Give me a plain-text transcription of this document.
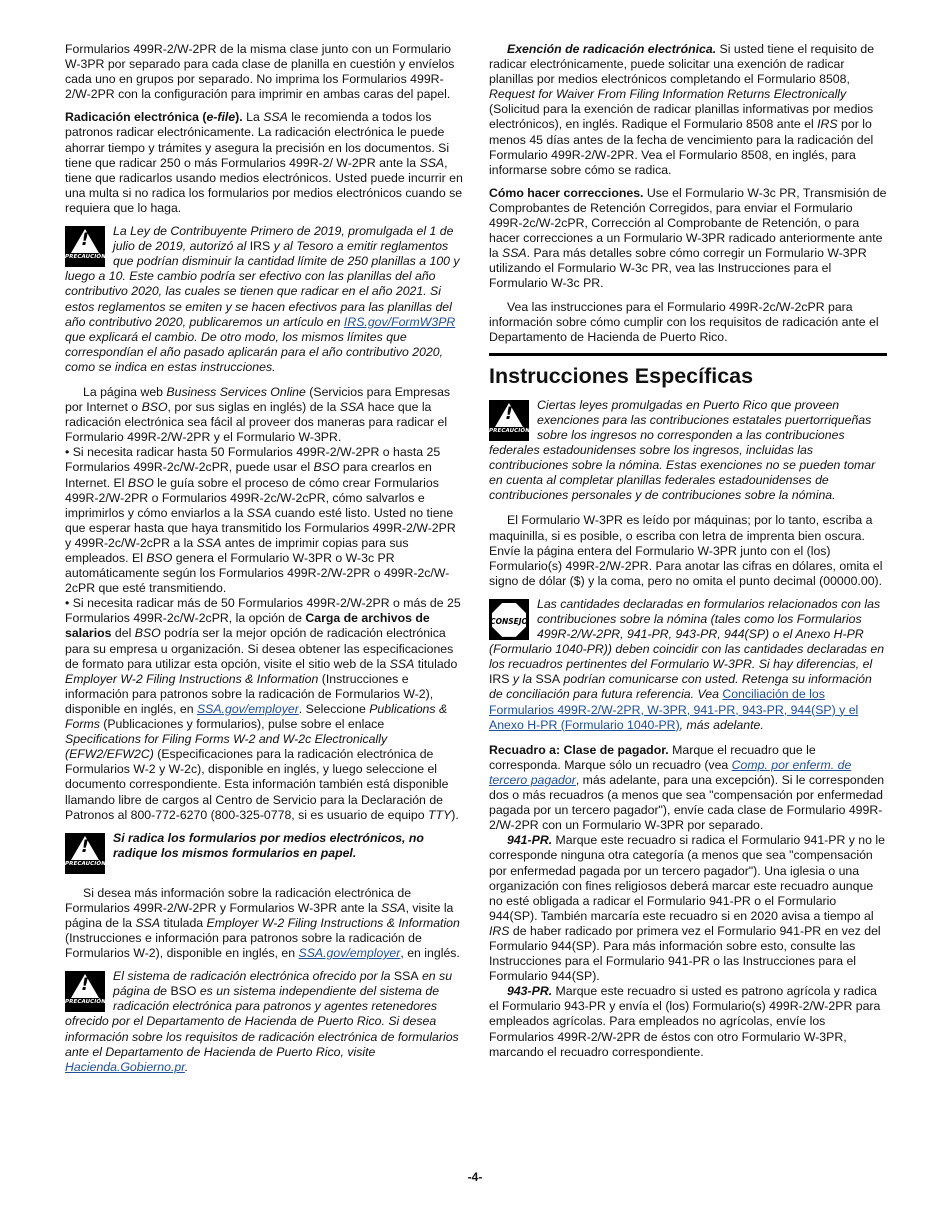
Formularios 499R-2/W-2PR de la misma clase junto con un Formulario W-3PR por separado para cada clase de planilla en cuestión y envíelos cada uno en grupos por separado. No imprima los Formularios 499R-2/W-2PR con la configuración para imprimir en ambas caras del papel.

Radicación electrónica (e-file). La SSA le recomienda a todos los patronos radicar electrónicamente. La radicación electrónica le puede ahorrar tiempo y trámites y asegura la precisión en los documentos. Si tiene que radicar 250 o más Formularios 499R-2/ W-2PR ante la SSA, tiene que radicarlos usando medios electrónicos. Usted puede incurrir en una multa si no radica los formularios por medios electrónicos cuando se requiera que lo haga.

!
PRECAUCIÓN
La Ley de Contribuyente Primero de 2019, promulgada el 1 de julio de 2019, autorizó al IRS y al Tesoro a emitir reglamentos que podrían disminuir la cantidad límite de 250 planillas a 100 y luego a 10. Este cambio podría ser efectivo con las planillas del año contributivo 2020, las cuales se tienen que radicar en el año 2021. Si estos reglamentos se emiten y se hacen efectivos para las planillas del año contributivo 2020, publicaremos un artículo en IRS.gov/FormW3PR que explicará el cambio. De otro modo, los mismos límites que correspondían el año pasado aplicarán para el año contributivo 2020, como se indica en estas instrucciones.

La página web Business Services Online (Servicios para Empresas por Internet o BSO, por sus siglas en inglés) de la SSA hace que la radicación electrónica sea fácil al proveer dos maneras para radicar el Formulario 499R-2/W-2PR y el Formulario W-3PR.

• Si necesita radicar hasta 50 Formularios 499R-2/W-2PR o hasta 25 Formularios 499R-2c/W-2cPR, puede usar el BSO para crearlos en Internet. El BSO le guía sobre el proceso de cómo crear Formularios 499R-2/W-2PR o Formularios 499R-2c/W-2cPR, cómo salvarlos e imprimirlos y cómo enviarlos a la SSA cuando esté listo. Usted no tiene que esperar hasta que haya transmitido los Formularios 499R-2/W-2PR y 499R-2c/W-2cPR a la SSA antes de imprimir copias para sus empleados. El BSO genera el Formulario W-3PR o W-3c PR automáticamente según los Formularios 499R-2/W-2PR o 499R-2c/W-2cPR que esté transmitiendo.

• Si necesita radicar más de 50 Formularios 499R-2/W-2PR o más de 25 Formularios 499R-2c/W-2cPR, la opción de Carga de archivos de salarios del BSO podría ser la mejor opción de radicación electrónica para su empresa u organización. Si desea obtener las especificaciones de formato para utilizar esta opción, visite el sitio web de la SSA titulado Employer W-2 Filing Instructions & Information (Instrucciones e información para patronos sobre la radicación de Formularios W-2), disponible en inglés, en SSA.gov/employer. Seleccione Publications & Forms (Publicaciones y formularios), pulse sobre el enlace Specifications for Filing Forms W-2 and W-2c Electronically (EFW2/EFW2C) (Especificaciones para la radicación electrónica de Formularios W-2 y W-2c), disponible en inglés, y luego seleccione el documento correspondiente. Esta información también está disponible llamando libre de cargos al Centro de Servicio para la Declaración de Patronos al 800-772-6270 (800-325-0778, si es usuario de equipo TTY).

!
PRECAUCIÓN
Si radica los formularios por medios electrónicos, no radique los mismos formularios en papel.

Si desea más información sobre la radicación electrónica de Formularios 499R-2/W-2PR y Formularios W-3PR ante la SSA, visite la página de la SSA titulada Employer W-2 Filing Instructions & Information (Instrucciones e información para patronos sobre la radicación de Formularios W-2), disponible en inglés, en SSA.gov/employer, en inglés.

!
PRECAUCIÓN
El sistema de radicación electrónica ofrecido por la SSA en su página de BSO es un sistema independiente del sistema de radicación electrónica para patronos y agentes retenedores ofrecido por el Departamento de Hacienda de Puerto Rico. Si desea información sobre los requisitos de radicación electrónica de formularios ante el Departamento de Hacienda de Puerto Rico, visite Hacienda.Gobierno.pr.

Exención de radicación electrónica. Si usted tiene el requisito de radicar electrónicamente, puede solicitar una exención de radicar planillas por medios electrónicos completando el Formulario 8508, Request for Waiver From Filing Information Returns Electronically (Solicitud para la exención de radicar planillas informativas por medios electrónicos), en inglés. Radique el Formulario 8508 ante el IRS por lo menos 45 días antes de la fecha de vencimiento para la radicación del Formulario 499R-2/W-2PR. Vea el Formulario 8508, en inglés, para informarse sobre cómo se radica.

Cómo hacer correcciones. Use el Formulario W-3c PR, Transmisión de Comprobantes de Retención Corregidos, para enviar el Formulario 499R-2c/W-2cPR, Corrección al Comprobante de Retención, o para hacer correcciones a un Formulario W-3PR radicado anteriormente ante la SSA. Para más detalles sobre cómo corregir un Formulario W-3PR utilizando el Formulario W-3c PR, vea las Instrucciones para el Formulario W-3c PR.

Vea las instrucciones para el Formulario 499R-2c/W-2cPR para información sobre cómo cumplir con los requisitos de radicación ante el Departamento de Hacienda de Puerto Rico.

Instrucciones Específicas
!
PRECAUCIÓN
Ciertas leyes promulgadas en Puerto Rico que proveen exenciones para las contribuciones estatales puertorriqueñas sobre los ingresos no corresponden a las contribuciones federales estadounidenses sobre los ingresos, incluidas las contribuciones sobre la nómina. Estas exenciones no se pueden tomar en cuenta al completar planillas federales estadounidenses de contribuciones personales y de contribuciones sobre la nómina.

El Formulario W-3PR es leído por máquinas; por lo tanto, escriba a maquinilla, si es posible, o escriba con letra de imprenta bien oscura. Envíe la página entera del Formulario W-3PR junto con el (los) Formulario(s) 499R-2/W-2PR. Para anotar las cifras en dólares, omita el signo de dólar ($) y la coma, pero no omita el punto decimal (00000.00).

CONSEJO
Las cantidades declaradas en formularios relacionados con las contribuciones sobre la nómina (tales como los Formularios 499R-2/W-2PR, 941-PR, 943-PR, 944(SP) o el Anexo H-PR (Formulario 1040-PR)) deben coincidir con las cantidades declaradas en los recuadros pertinentes del Formulario W-3PR. Si hay diferencias, el IRS y la SSA podrían comunicarse con usted. Retenga su información de conciliación para futura referencia. Vea Conciliación de los Formularios 499R-2/W-2PR, W-3PR, 941-PR, 943-PR, 944(SP) y el Anexo H-PR (Formulario 1040-PR), más adelante.

Recuadro a: Clase de pagador. Marque el recuadro que le corresponda. Marque sólo un recuadro (vea Comp. por enferm. de tercero pagador, más adelante, para una excepción). Si le corresponden dos o más recuadros (a menos que sea "compensación por enfermedad pagada por un tercero pagador"), envíe cada clase de Formulario 499R-2/W-2PR con un Formulario W-3PR por separado.

941-PR. Marque este recuadro si radica el Formulario 941-PR y no le corresponde ninguna otra categoría (a menos que sea "compensación por enfermedad pagada por un tercero pagador"). Una iglesia o una organización con fines religiosos deberá marcar este recuadro aunque no esté obligada a radicar el Formulario 941-PR o el Formulario 944(SP). También marcaría este recuadro si en 2020 avisa a tiempo al IRS de haber radicado por primera vez el Formulario 941-PR en vez del Formulario 944(SP). Para más información sobre esto, consulte las Instrucciones para el Formulario 941-PR o las Instrucciones para el Formulario 944(SP).

943-PR. Marque este recuadro si usted es patrono agrícola y radica el Formulario 943-PR y envía el (los) Formulario(s) 499R-2/W-2PR para empleados agrícolas. Para empleados no agrícolas, envíe los Formularios 499R-2/W-2PR de éstos con otro Formulario W-3PR, marcando el recuadro correspondiente.

-4-
